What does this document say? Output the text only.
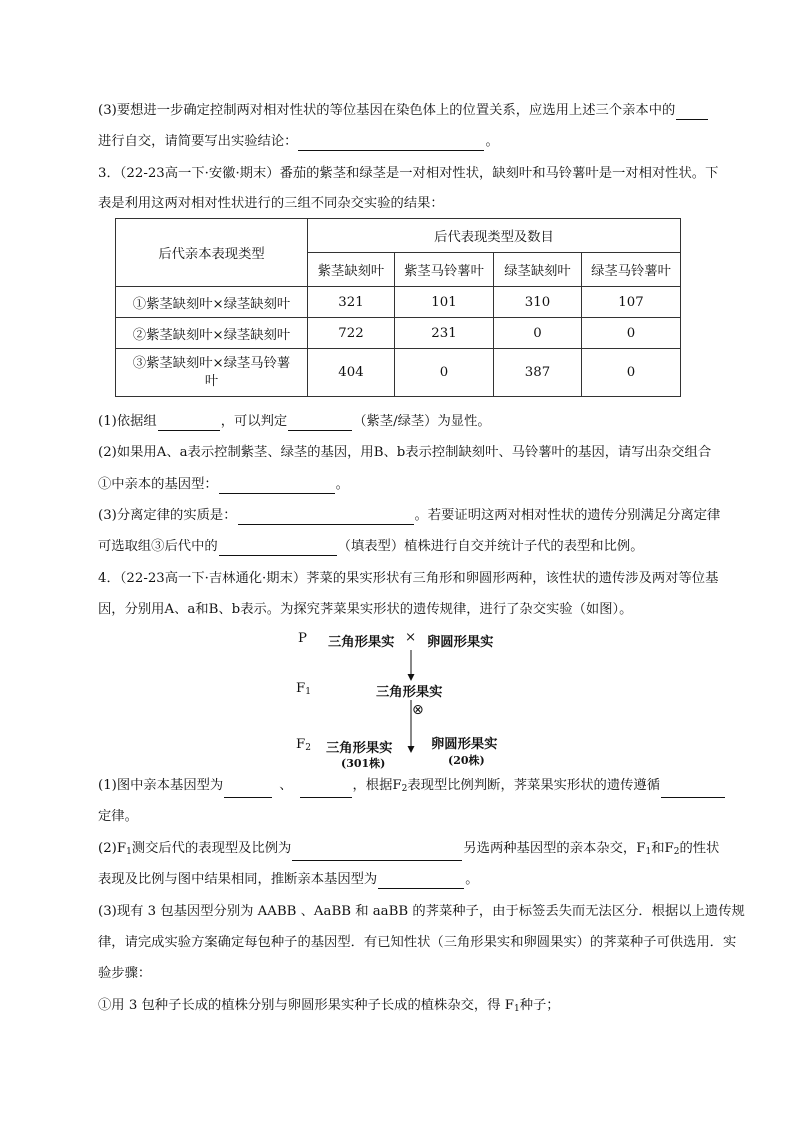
(3)要想进一步确定控制两对相对性状的等位基因在染色体上的位置关系，应选用上述三个亲本中的
进行自交，请简要写出实验结论：	。
3．（22-23高一下·安徽·期末）番茄的紫茎和绿茎是一对相对性状，缺刻叶和马铃薯叶是一对相对性状。下
表是利用这两对相对性状进行的三组不同杂交实验的结果：
后代亲本表现类型	后代表现类型及数目			
	紫茎缺刻叶	紫茎马铃薯叶	绿茎缺刻叶	绿茎马铃薯叶
①紫茎缺刻叶×绿茎缺刻叶	321	101	310	107
②紫茎缺刻叶×绿茎缺刻叶	722	231	0	0
③紫茎缺刻叶×绿茎马铃薯
叶	404	0	387	0
(1)依据组	，可以判定	（紫茎/绿茎）为显性。
(2)如果用A、a表示控制紫茎、绿茎的基因，用B、b表示控制缺刻叶、马铃薯叶的基因，请写出杂交组合
①中亲本的基因型：	。
(3)分离定律的实质是：	。若要证明这两对相对性状的遗传分别满足分离定律
可选取组③后代中的	（填表型）植株进行自交并统计子代的表型和比例。
4．（22-23高一下·吉林通化·期末）荠菜的果实形状有三角形和卵圆形两种，该性状的遗传涉及两对等位基
因，分别用A、a和B、b表示。为探究荠菜果实形状的遗传规律，进行了杂交实验（如图）。
P 三角形果实 × 卵圆形果实
$F_1$	三角形果实
$F_2$ 三角形果实
(301株)
卵圆形果实
(20株)
⊗
(1)图中亲本基因型为	、	，根据$F_2$表现型比例判断，荠菜果实形状的遗传遵循
定律。
$(2)F_1$测交后代的表现型及比例为	另选两种基因型的亲本杂交，$F_1$和$F_2$的性状
表现及比例与图中结果相同，推断亲本基因型为	。
(3)现有 3 包基因型分别为 AABB 、AaBB 和 aaBB 的荠菜种子，由于标签丢失而无法区分．根据以上遗传规
律，请完成实验方案确定每包种子的基因型．有已知性状（三角形果实和卵圆果实）的荠菜种子可供选用．实
验步骤：
①用 3 包种子长成的植株分别与卵圆形果实种子长成的植株杂交，得 $F_1$种子；
